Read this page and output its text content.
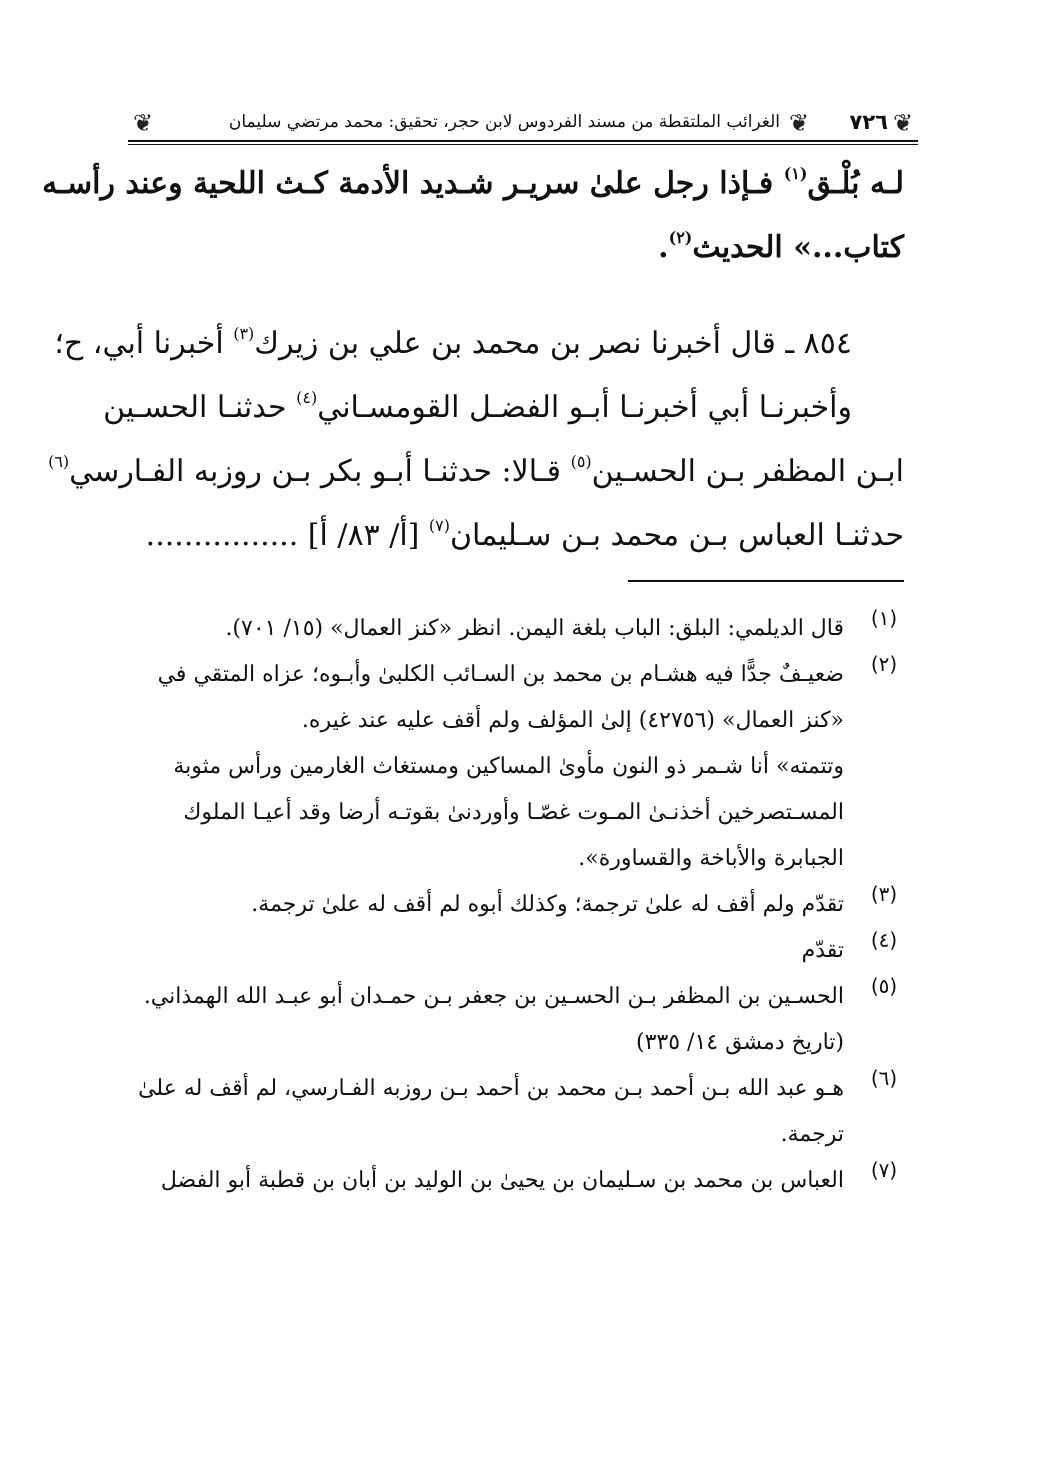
❦
٧٢٦
❦
الغرائب الملتقطة من مسند الفردوس لابن حجر، تحقيق: محمد مرتضي سليمان
❦
لـه بُلْـق$^{(١)}$ فـإذا رجل علىٰ سريـر شـديد الأدمة كـث اللحية وعند رأسـه
كتاب...» الحديث$^{(٢)}$.
٨٥٤ ـ قال أخبرنا نصر بن محمد بن علي بن زيرك$^{(٣)}$ أخبرنا أبي، ح؛
وأخبرنـا أبي أخبرنـا أبـو الفضـل القومسـاني$^{(٤)}$ حدثنـا الحسـين
ابـن المظفر بـن الحسـين$^{(٥)}$ قـالا: حدثنـا أبـو بكر بـن روزبه الفـارسي$^{(٦)}$
حدثنـا العباس بـن محمد بـن سـليمان$^{(٧)}$ [أ/ ٨٣/ أ] ................
(١)
قال الديلمي: البلق: الباب بلغة اليمن. انظر «كنز العمال» (١٥/ ٧٠١).
(٢)
ضعيـفٌ جدًّا فيه هشـام بن محمد بن السـائب الكلبىٰ وأبـوه؛ عزاه المتقي في
«كنز العمال» (٤٢٧٥٦) إلىٰ المؤلف ولم أقف عليه عند غيره.
وتتمته» أنا شـمر ذو النون مأوىٰ المساكين ومستغاث الغارمين ورأس مثوبة
المسـتصرخين أخذنـىٰ المـوت غصّـا وأوردنىٰ بقوتـه أرضا وقد أعيـا الملوك
الجبابرة والأباخة والقساورة».
(٣)
تقدّم ولم أقف له علىٰ ترجمة؛ وكذلك أبوه لم أقف له علىٰ ترجمة.
(٤)
تقدّم
(٥)
الحسـين بن المظفر بـن الحسـين بن جعفر بـن حمـدان أبو عبـد الله الهمذاني.
(تاريخ دمشق ١٤/ ٣٣٥)
(٦)
هـو عبد الله بـن أحمد بـن محمد بن أحمد بـن روزبه الفـارسي، لم أقف له علىٰ
ترجمة.
(٧)
العباس بن محمد بن سـليمان بن يحيىٰ بن الوليد بن أبان بن قطبة أبو الفضل
